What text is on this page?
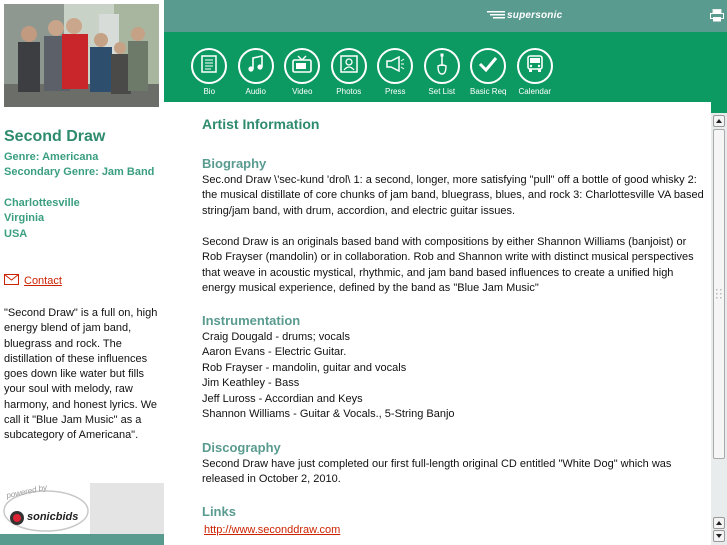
Second Draw
Genre: Americana
Secondary Genre: Jam Band
Charlottesville
Virginia
USA
Contact
"Second Draw" is a full on, high energy blend of jam band, bluegrass and rock. The distillation of these influences goes down like water but fills your soul with melody, raw harmony, and honest lyrics. We call it "Blue Jam Music" as a subcategory of Americana".
powered by
sonicbids
supersonic
Bio	Audio	Video	Photos	Press	Set List Basic Req Calendar
Artist Information
Biography
Sec.ond Draw \'sec-kund 'drol\ 1: a second, longer, more satisfying "pull" off a bottle of good whisky 2: the musical distillate of core chunks of jam band, bluegrass, blues, and rock 3: Charlottesville VA based string/jam band, with drum, accordion, and electric guitar issues.
Second Draw is an originals based band with compositions by either Shannon Williams (banjoist) or Rob Frayser (mandolin) or in collaboration. Rob and Shannon write with distinct musical perspectives that weave in acoustic mystical, rhythmic, and jam band based influences to create a unified high energy musical experience, defined by the band as "Blue Jam Music"
Instrumentation
Craig Dougald - drums; vocals
Aaron Evans - Electric Guitar.
Rob Frayser - mandolin, guitar and vocals
Jim Keathley - Bass
Jeff Luross - Accordian and Keys
Shannon Williams - Guitar & Vocals., 5-String Banjo
Discography
Second Draw have just completed our first full-length original CD entitled "White Dog" which was released in October 2, 2010.
Links
http://www.seconddraw.com
